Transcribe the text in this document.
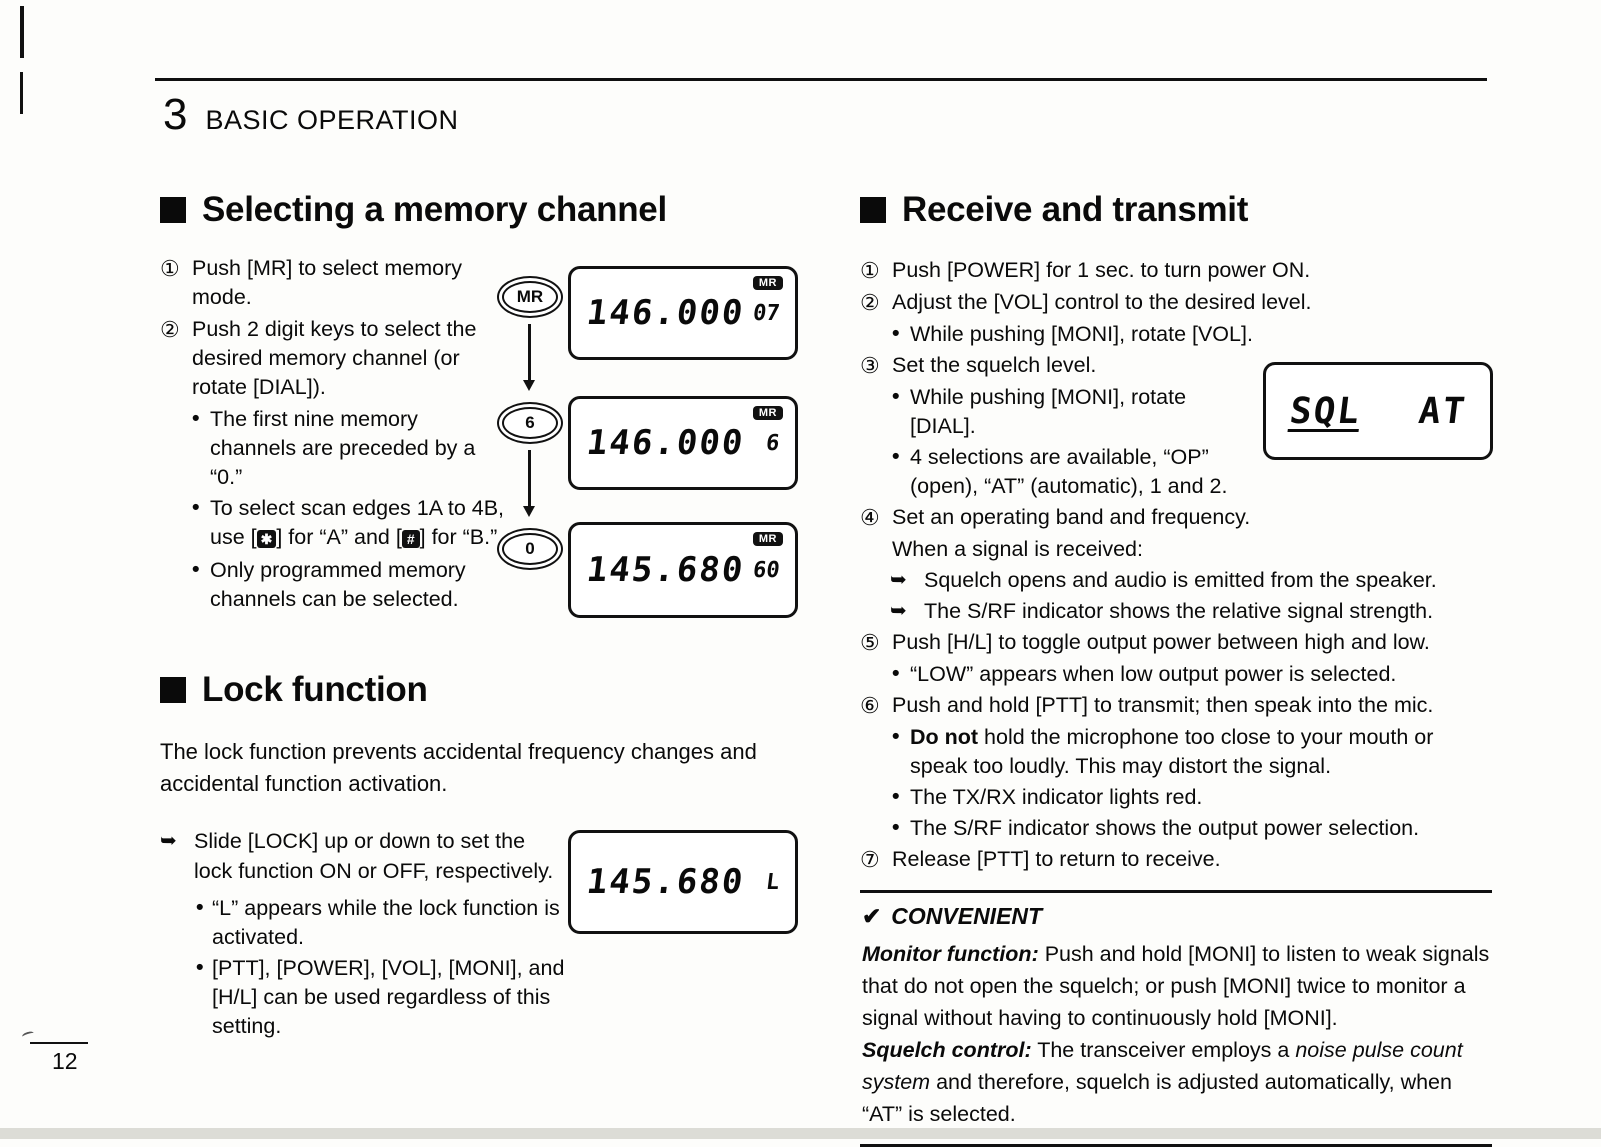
3 BASIC OPERATION
Selecting a memory channel
① Push [MR] to select memory mode.
② Push 2 digit keys to select the desired memory channel (or rotate [DIAL]).
• The first nine memory channels are preceded by a “0.”
• To select scan edges 1A to 4B, use [ ✱ ] for “A” and [ # ] for “B.”
• Only programmed memory channels can be selected.
MR
6
0
MR
146.000 07
MR
146.000 6
MR
145.680 60
Lock function

The lock function prevents accidental frequency changes and accidental function activation.

➥ Slide [LOCK] up or down to set the lock function ON or OFF, respectively.
• “L” appears while the lock function is activated.
• [PTT], [POWER], [VOL], [MONI], and [H/L] can be used regardless of this setting.
145.680 L
Receive and transmit
① Push [POWER] for 1 sec. to turn power ON.
② Adjust the [VOL] control to the desired level.
• While pushing [MONI], rotate [VOL].
③ Set the squelch level.
• While pushing [MONI], rotate [DIAL].
• 4 selections are available, “OP” (open), “AT” (automatic), 1 and 2.
④ Set an operating band and frequency.
When a signal is received:
➥ Squelch opens and audio is emitted from the speaker.
➥ The S/RF indicator shows the relative signal strength.
⑤ Push [H/L] to toggle output power between high and low.
• “LOW” appears when low output power is selected.
⑥ Push and hold [PTT] to transmit; then speak into the mic.
• Do not hold the microphone too close to your mouth or speak too loudly. This may distort the signal.
• The TX/RX indicator lights red.
• The S/RF indicator shows the output power selection.
⑦ Release [PTT] to return to receive.
SQL AT
✔ CONVENIENT

Monitor function: Push and hold [MONI] to listen to weak signals that do not open the squelch; or push [MONI] twice to monitor a signal without having to continuously hold [MONI].

Squelch control: The transceiver employs a noise pulse count system and therefore, squelch is adjusted automatically, when “AT” is selected.

12
